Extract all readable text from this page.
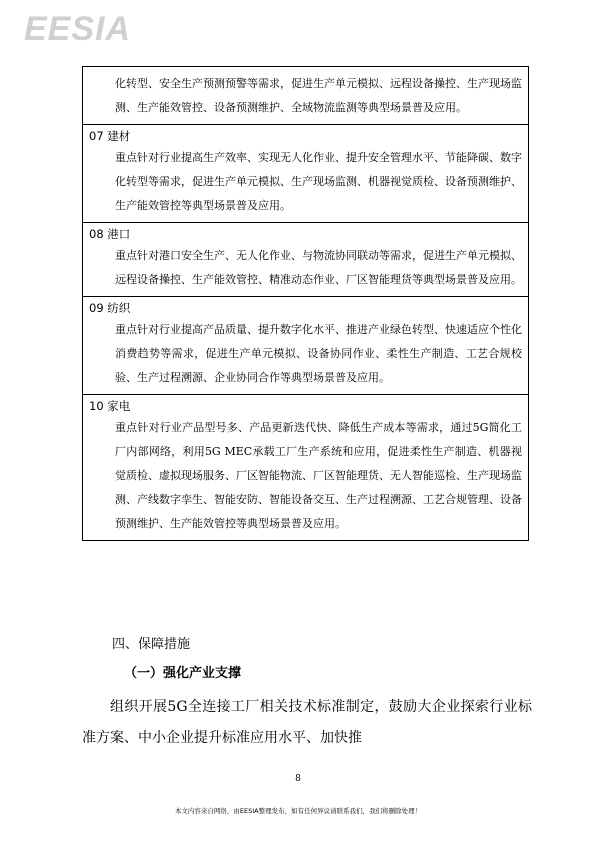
EESIA
化转型、安全生产预测预警等需求，促进生产单元模拟、远程设备操控、生产现场监测、生产能效管控、设备预测维护、全域物流监测等典型场景普及应用。

07 建材
重点针对行业提高生产效率、实现无人化作业、提升安全管理水平、节能降碳、数字化转型等需求，促进生产单元模拟、生产现场监测、机器视觉质检、设备预测维护、生产能效管控等典型场景普及应用。

08 港口
重点针对港口安全生产、无人化作业、与物流协同联动等需求，促进生产单元模拟、远程设备操控、生产能效管控、精准动态作业、厂区智能理货等典型场景普及应用。

09 纺织
重点针对行业提高产品质量、提升数字化水平、推进产业绿色转型、快速适应个性化消费趋势等需求，促进生产单元模拟、设备协同作业、柔性生产制造、工艺合规校验、生产过程溯源、企业协同合作等典型场景普及应用。

10 家电
重点针对行业产品型号多、产品更新迭代快、降低生产成本等需求，通过5G简化工厂内部网络，利用5G MEC承载工厂生产系统和应用，促进柔性生产制造、机器视觉质检、虚拟现场服务、厂区智能物流、厂区智能理货、无人智能巡检、生产现场监测、产线数字孪生、智能安防、智能设备交互、生产过程溯源、工艺合规管理、设备预测维护、生产能效管控等典型场景普及应用。
四、保障措施
（一）强化产业支撑
组织开展5G全连接工厂相关技术标准制定，鼓励大企业探索行业标准方案、中小企业提升标准应用水平、加快推
8
本文内容来自网络，由EESIA整理发布，如有任何异议请联系我们，我们将删除处理！
